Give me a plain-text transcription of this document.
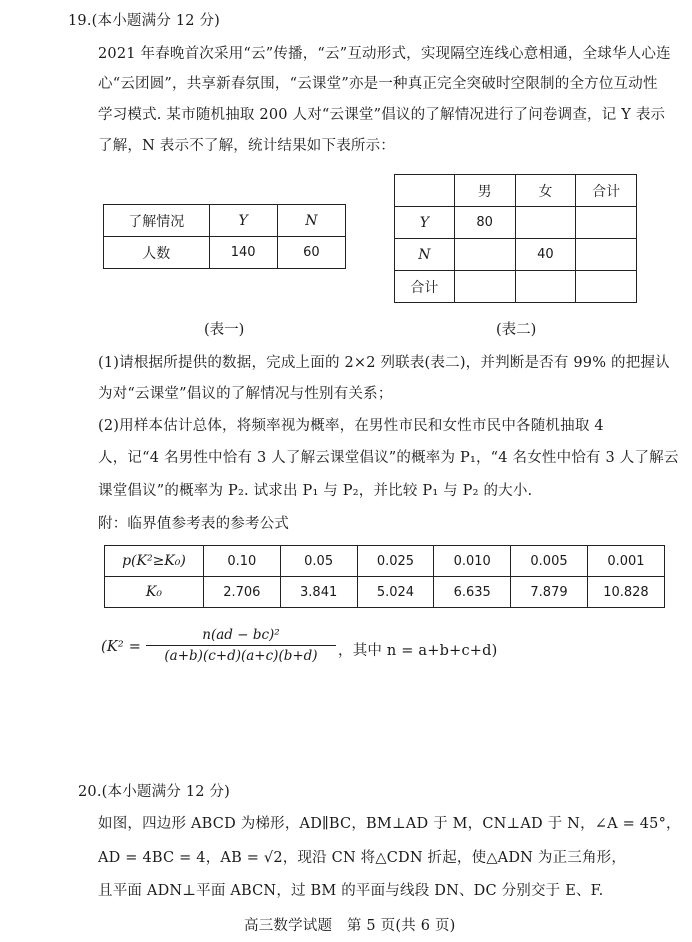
19.(本小题满分 12 分)
2021 年春晚首次采用“云”传播，“云”互动形式，实现隔空连线心意相通，全球华人心连
心“云团圆”，共享新春氛围，“云课堂”亦是一种真正完全突破时空限制的全方位互动性
学习模式. 某市随机抽取 200 人对“云课堂”倡议的了解情况进行了问卷调查，记 Y 表示
了解，N 表示不了解，统计结果如下表所示：
了解情况	Y	N
人数	140	60
(表一)
	男	女	合计
Y	80		
N		40	
合计			
(表二)
(1)请根据所提供的数据，完成上面的 2×2 列联表(表二)，并判断是否有 99% 的把握认
为对“云课堂”倡议的了解情况与性别有关系；
(2)用样本估计总体，将频率视为概率，在男性市民和女性市民中各随机抽取 4
人，记“4 名男性中恰有 3 人了解云课堂倡议”的概率为 P₁，“4 名女性中恰有 3 人了解云
课堂倡议”的概率为 P₂. 试求出 P₁ 与 P₂，并比较 P₁ 与 P₂ 的大小.
附：临界值参考表的参考公式
p(K²≥K₀)	0.10	0.05	0.025	0.010	0.005	0.001
K₀	2.706	3.841	5.024	6.635	7.879	10.828
(K² =
n(ad − bc)²
(a+b)(c+d)(a+c)(b+d) ，其中 n = a+b+c+d)
20.(本小题满分 12 分)
如图，四边形 ABCD 为梯形，AD∥BC，BM⊥AD 于 M，CN⊥AD 于 N，∠A = 45°，
AD = 4BC = 4，AB = √2，现沿 CN 将△CDN 折起，使△ADN 为正三角形，
且平面 ADN⊥平面 ABCN，过 BM 的平面与线段 DN、DC 分别交于 E、F.
高三数学试题　第 5 页(共 6 页)
